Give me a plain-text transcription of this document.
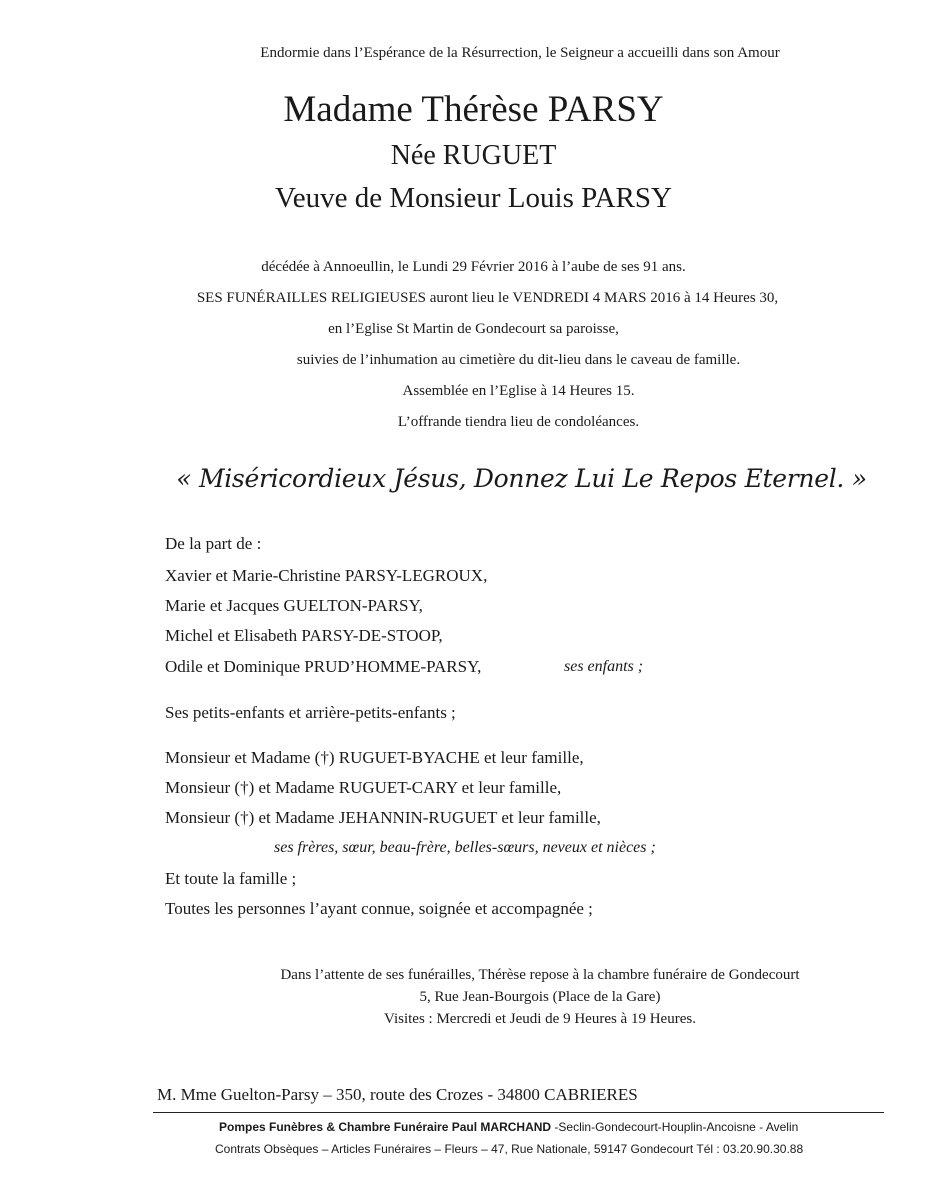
Endormie dans l’Espérance de la Résurrection, le Seigneur a accueilli dans son Amour
Madame Thérèse PARSY
Née RUGUET
Veuve de Monsieur Louis PARSY
décédée à Annoeullin, le Lundi 29 Février 2016 à l’aube de ses 91 ans.
SES FUNÉRAILLES RELIGIEUSES auront lieu le VENDREDI 4 MARS 2016 à 14 Heures 30,
en l’Eglise St Martin de Gondecourt sa paroisse,
suivies de l’inhumation au cimetière du dit-lieu dans le caveau de famille.
Assemblée en l’Eglise à 14 Heures 15.
L’offrande tiendra lieu de condoléances.
« Miséricordieux Jésus, Donnez Lui Le Repos Eternel. »
De la part de :
Xavier et Marie-Christine PARSY-LEGROUX,
Marie et Jacques GUELTON-PARSY,
Michel et Elisabeth PARSY-DE-STOOP,
Odile et Dominique PRUD’HOMME-PARSY,	ses enfants ;
Ses petits-enfants et arrière-petits-enfants ;
Monsieur et Madame (†) RUGUET-BYACHE et leur famille,
Monsieur (†) et Madame RUGUET-CARY et leur famille,
Monsieur (†) et Madame JEHANNIN-RUGUET et leur famille,
ses frères, sœur, beau-frère, belles-sœurs, neveux et nièces ;
Et toute la famille ;
Toutes les personnes l’ayant connue, soignée et accompagnée ;
Dans l’attente de ses funérailles, Thérèse repose à la chambre funéraire de Gondecourt
5, Rue Jean-Bourgois (Place de la Gare)
Visites : Mercredi et Jeudi de 9 Heures à 19 Heures.
M. Mme Guelton-Parsy – 350, route des Crozes - 34800 CABRIERES
Pompes Funèbres & Chambre Funéraire Paul MARCHAND -Seclin-Gondecourt-Houplin-Ancoisne - Avelin
Contrats Obsèques – Articles Funéraires – Fleurs – 47, Rue Nationale, 59147 Gondecourt Tél : 03.20.90.30.88
